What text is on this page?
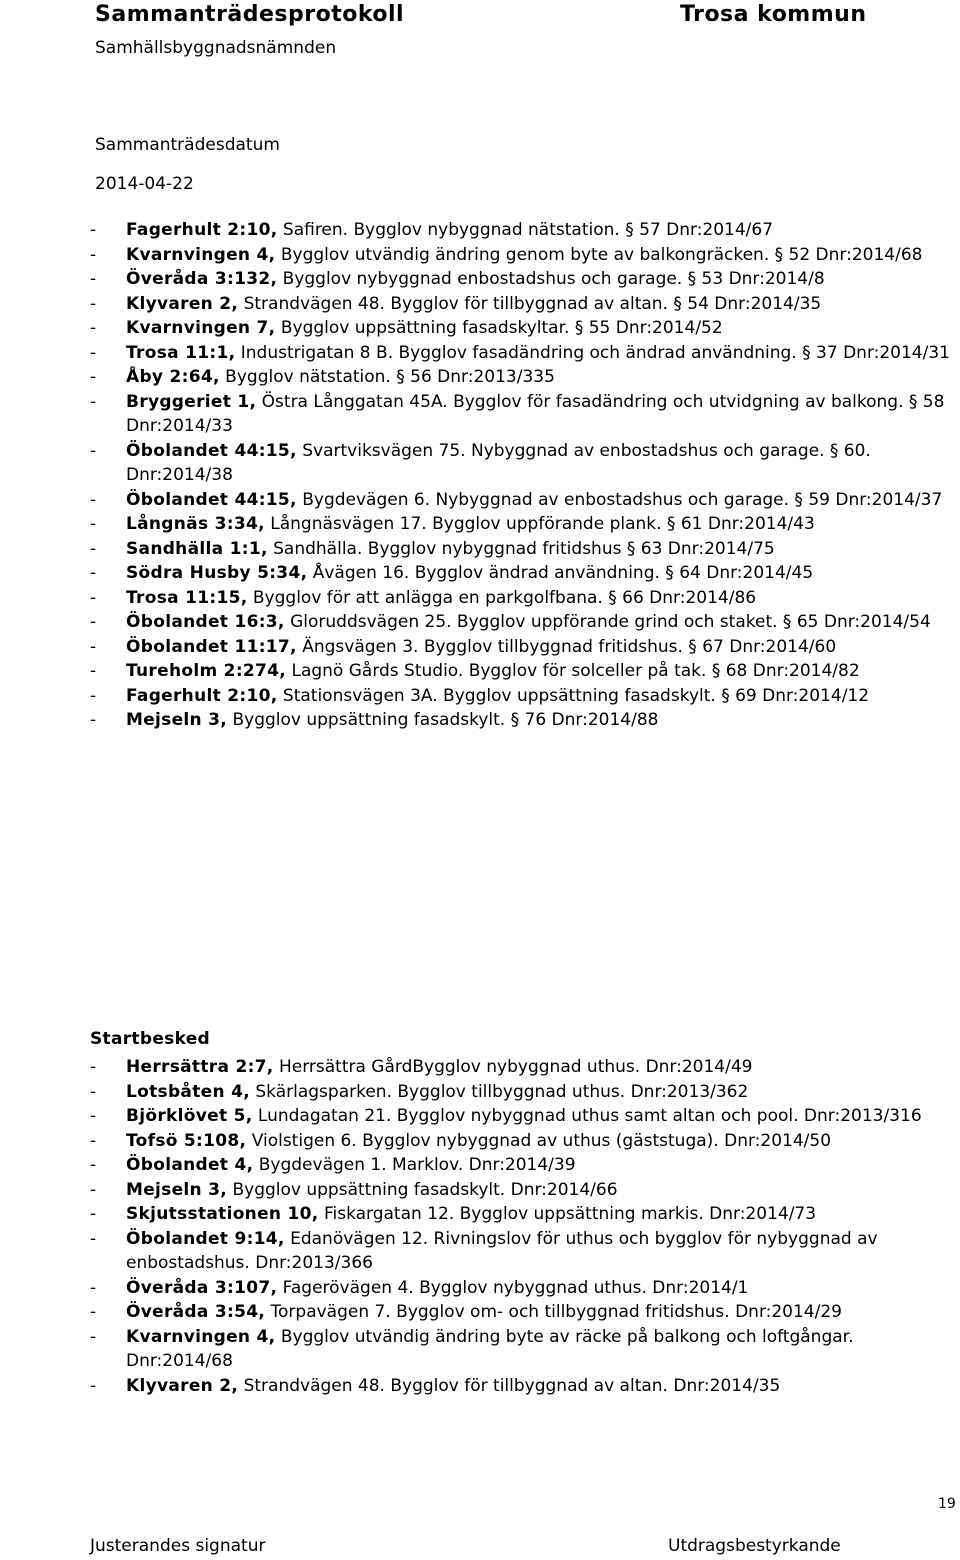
Sammanträdesprotokoll	Trosa kommun
Samhällsbyggnadsnämnden
Sammanträdesdatum
2014-04-22
- Fagerhult 2:10, Safiren. Bygglov nybyggnad nätstation. § 57 Dnr:2014/67
- Kvarnvingen 4, Bygglov utvändig ändring genom byte av balkongräcken. § 52 Dnr:2014/68
- Överåda 3:132, Bygglov nybyggnad enbostadshus och garage. § 53 Dnr:2014/8
- Klyvaren 2, Strandvägen 48. Bygglov för tillbyggnad av altan. § 54 Dnr:2014/35
- Kvarnvingen 7, Bygglov uppsättning fasadskyltar. § 55 Dnr:2014/52
- Trosa 11:1, Industrigatan 8 B. Bygglov fasadändring och ändrad användning. § 37 Dnr:2014/31
- Åby 2:64, Bygglov nätstation. § 56 Dnr:2013/335
- Bryggeriet 1, Östra Långgatan 45A. Bygglov för fasadändring och utvidgning av balkong. § 58 Dnr:2014/33
- Öbolandet 44:15, Svartviksvägen 75. Nybyggnad av enbostadshus och garage. § 60. Dnr:2014/38
- Öbolandet 44:15, Bygdevägen 6. Nybyggnad av enbostadshus och garage. § 59 Dnr:2014/37
- Långnäs 3:34, Långnäsvägen 17. Bygglov uppförande plank. § 61 Dnr:2014/43
- Sandhälla 1:1, Sandhälla. Bygglov nybyggnad fritidshus § 63 Dnr:2014/75
- Södra Husby 5:34, Åvägen 16. Bygglov ändrad användning. § 64 Dnr:2014/45
- Trosa 11:15, Bygglov för att anlägga en parkgolfbana. § 66 Dnr:2014/86
- Öbolandet 16:3, Gloruddsvägen 25. Bygglov uppförande grind och staket. § 65 Dnr:2014/54
- Öbolandet 11:17, Ängsvägen 3. Bygglov tillbyggnad fritidshus. § 67 Dnr:2014/60
- Tureholm 2:274, Lagnö Gårds Studio. Bygglov för solceller på tak. § 68 Dnr:2014/82
- Fagerhult 2:10, Stationsvägen 3A. Bygglov uppsättning fasadskylt. § 69 Dnr:2014/12
- Mejseln 3, Bygglov uppsättning fasadskylt. § 76 Dnr:2014/88
Startbesked
- Herrsättra 2:7, Herrsättra GårdBygglov nybyggnad uthus. Dnr:2014/49
- Lotsbåten 4, Skärlagsparken. Bygglov tillbyggnad uthus. Dnr:2013/362
- Björklövet 5, Lundagatan 21. Bygglov nybyggnad uthus samt altan och pool. Dnr:2013/316
- Tofsö 5:108, Violstigen 6. Bygglov nybyggnad av uthus (gäststuga). Dnr:2014/50
- Öbolandet 4, Bygdevägen 1. Marklov. Dnr:2014/39
- Mejseln 3, Bygglov uppsättning fasadskylt. Dnr:2014/66
- Skjutsstationen 10, Fiskargatan 12. Bygglov uppsättning markis. Dnr:2014/73
- Öbolandet 9:14, Edanövägen 12. Rivningslov för uthus och bygglov för nybyggnad av enbostadshus. Dnr:2013/366
- Överåda 3:107, Fagerövägen 4. Bygglov nybyggnad uthus. Dnr:2014/1
- Överåda 3:54, Torpavägen 7. Bygglov om- och tillbyggnad fritidshus. Dnr:2014/29
- Kvarnvingen 4, Bygglov utvändig ändring byte av räcke på balkong och loftgångar. Dnr:2014/68
- Klyvaren 2, Strandvägen 48. Bygglov för tillbyggnad av altan. Dnr:2014/35
19
Justerandes signatur	Utdragsbestyrkande
